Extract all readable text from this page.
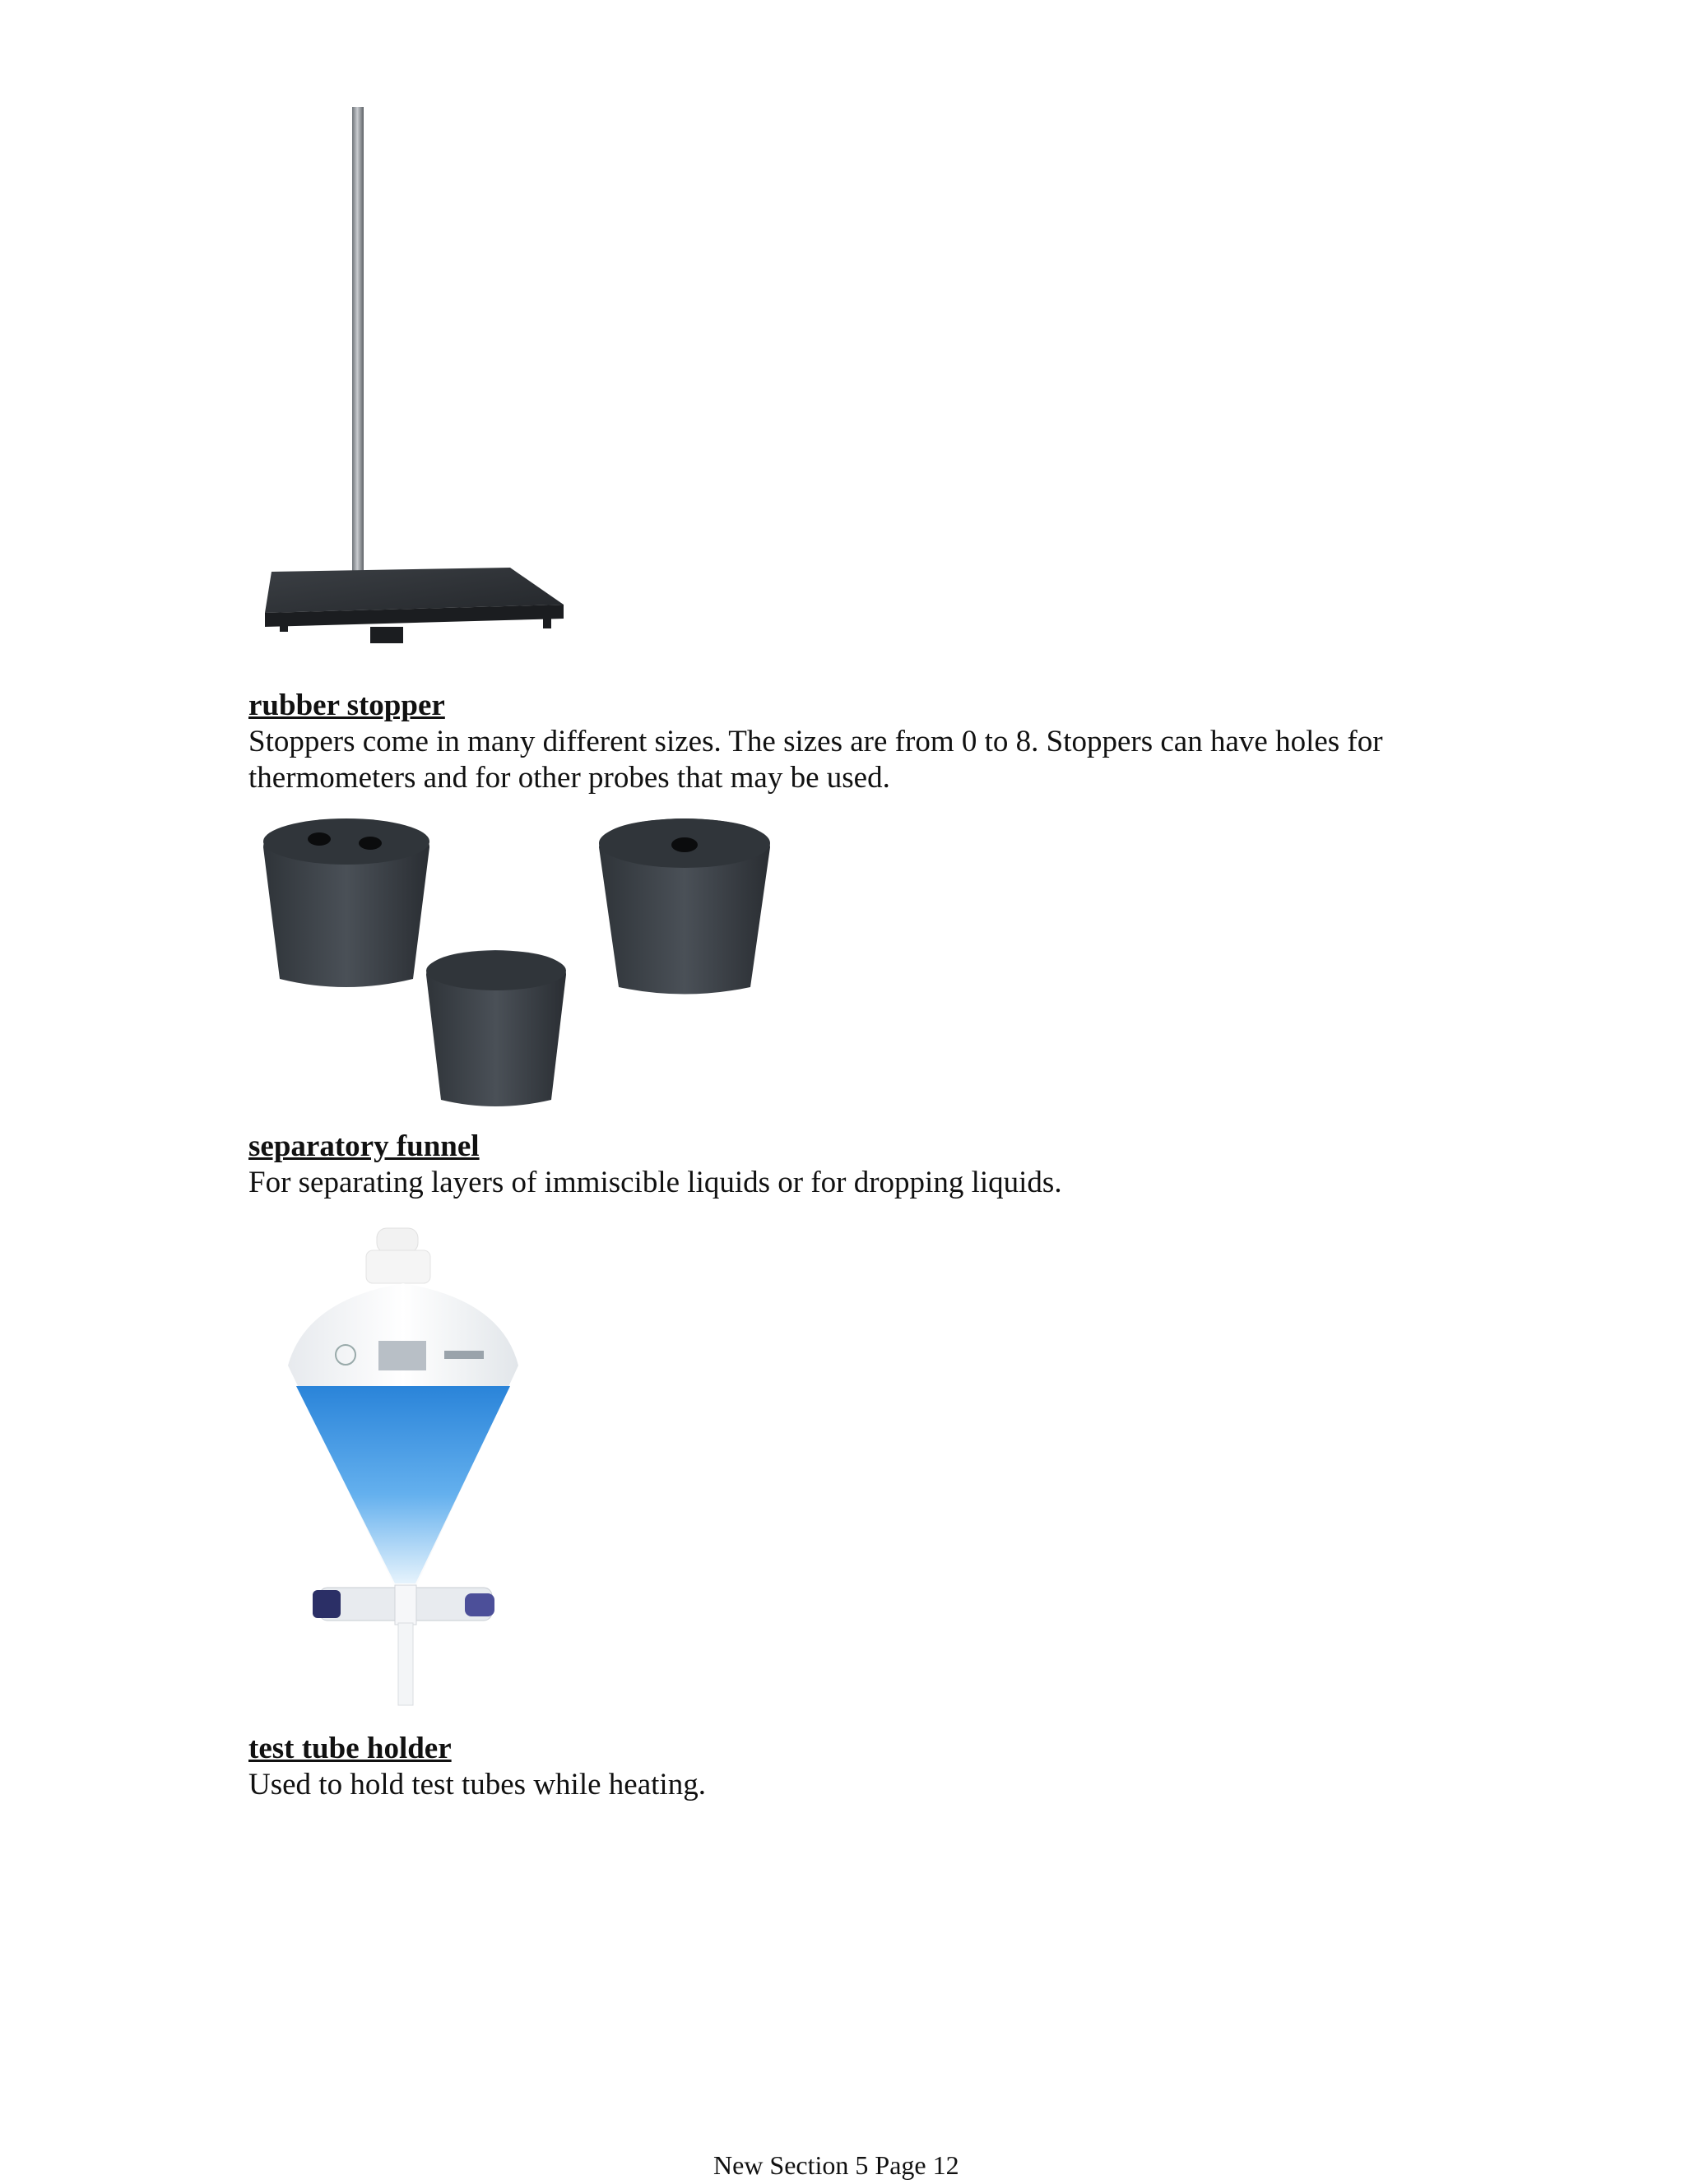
rubber stopper
Stoppers come in many different sizes. The sizes are from 0 to 8. Stoppers can have holes for
thermometers and for other probes that may be used.
separatory funnel
For separating layers of immiscible liquids or for dropping liquids.
test tube holder
Used to hold test tubes while heating.
New Section 5 Page 12
